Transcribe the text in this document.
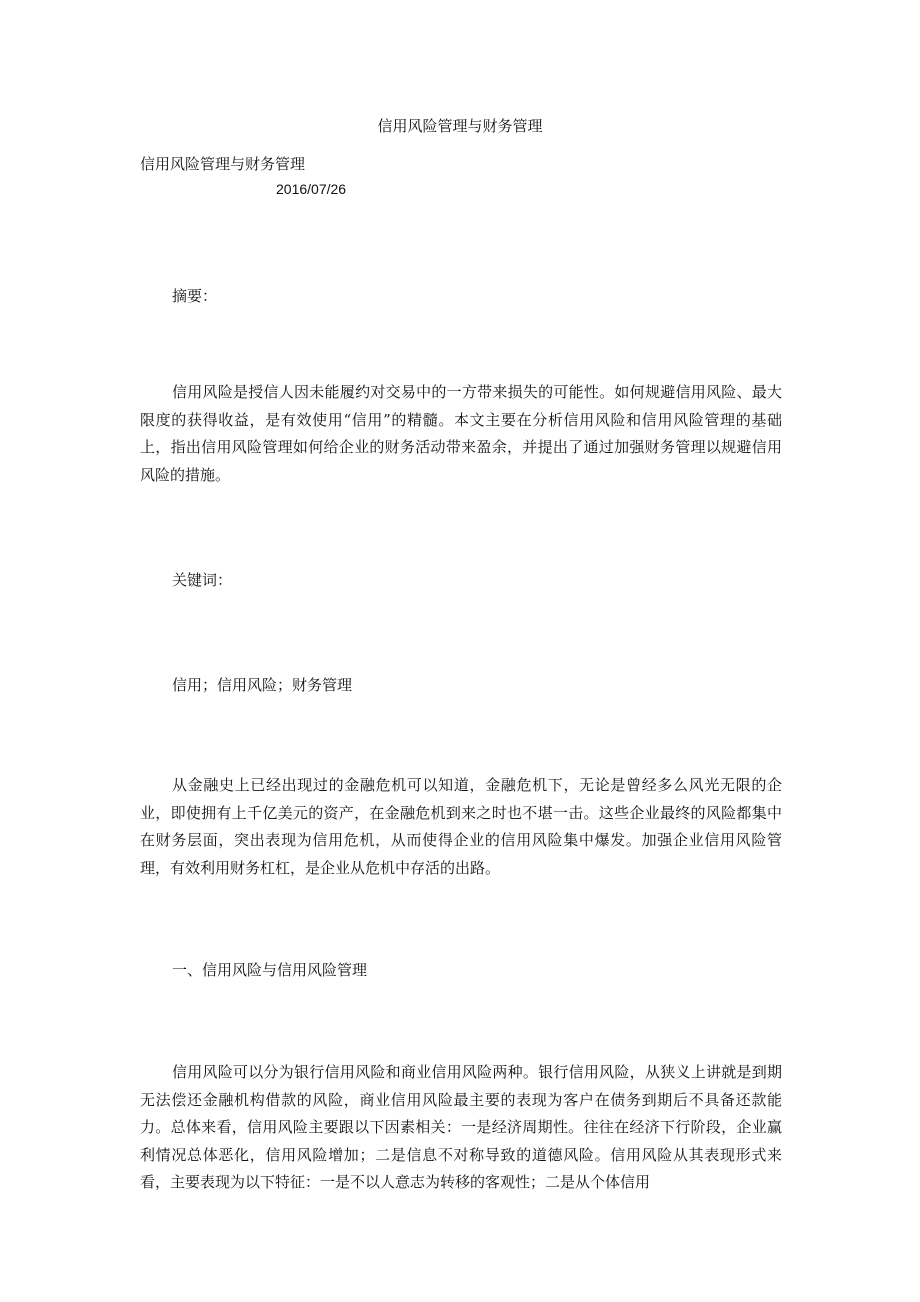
信用风险管理与财务管理
信用风险管理与财务管理
2016/07/26
摘要：

信用风险是授信人因未能履约对交易中的一方带来损失的可能性。如何规避信用风险、最大限度的获得收益，是有效使用“信用”的精髓。本文主要在分析信用风险和信用风险管理的基础上，指出信用风险管理如何给企业的财务活动带来盈余，并提出了通过加强财务管理以规避信用风险的措施。

关键词：
信用；信用风险；财务管理

从金融史上已经出现过的金融危机可以知道，金融危机下，无论是曾经多么风光无限的企业，即使拥有上千亿美元的资产，在金融危机到来之时也不堪一击。这些企业最终的风险都集中在财务层面，突出表现为信用危机，从而使得企业的信用风险集中爆发。加强企业信用风险管理，有效利用财务杠杠，是企业从危机中存活的出路。

一、信用风险与信用风险管理

信用风险可以分为银行信用风险和商业信用风险两种。银行信用风险，从狭义上讲就是到期无法偿还金融机构借款的风险，商业信用风险最主要的表现为客户在债务到期后不具备还款能力。总体来看，信用风险主要跟以下因素相关：一是经济周期性。往往在经济下行阶段，企业赢利情况总体恶化，信用风险增加；二是信息不对称导致的道德风险。信用风险从其表现形式来看，主要表现为以下特征：一是不以人意志为转移的客观性；二是从个体信用
